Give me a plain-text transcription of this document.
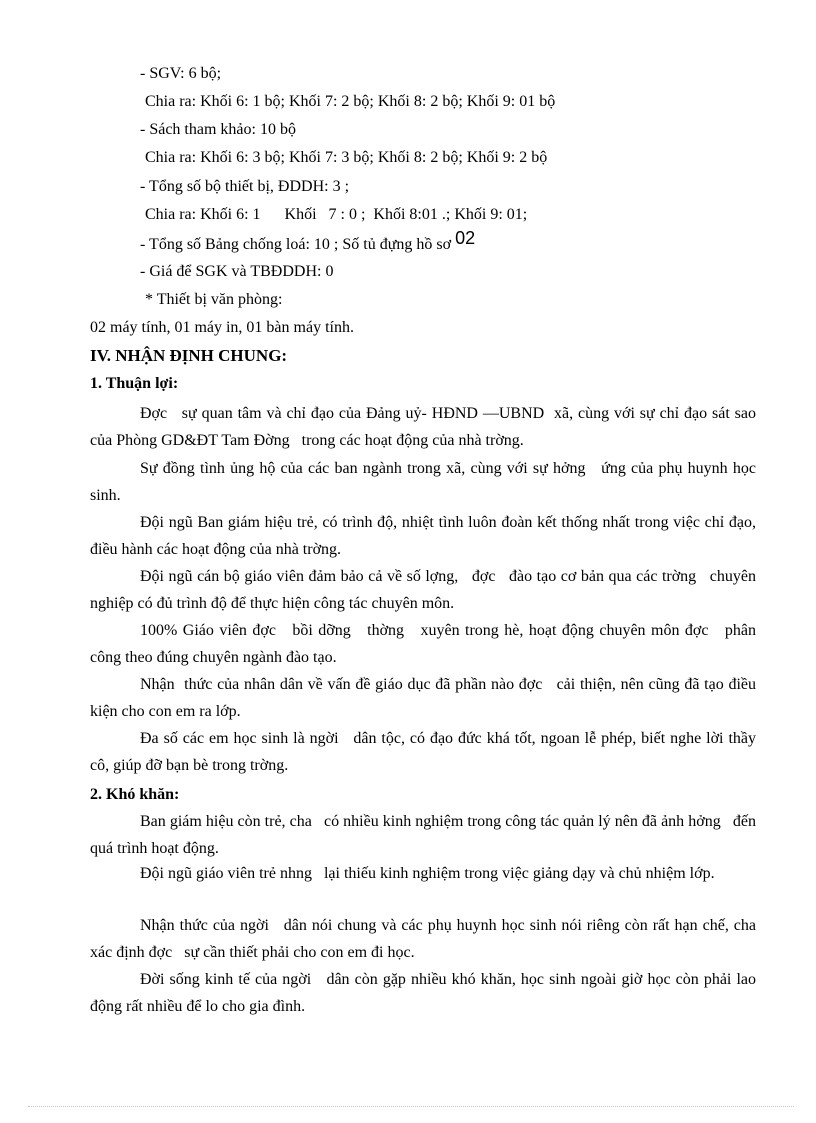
- SGV: 6 bộ;
Chia ra: Khối 6: 1 bộ; Khối 7: 2 bộ; Khối 8: 2 bộ; Khối 9: 01 bộ
- Sách tham khảo: 10 bộ
Chia ra: Khối 6: 3 bộ; Khối 7: 3 bộ; Khối 8: 2 bộ; Khối 9: 2 bộ
- Tổng số bộ thiết bị, ĐDDH: 3 ;
Chia ra: Khối 6: 1      Khối   7 : 0 ;  Khối 8:01 .; Khối 9: 01;
- Tổng số Bảng chống loá: 10 ; Số tủ đựng hồ sơ 02
- Giá để SGK và TBĐDDH: 0
* Thiết bị văn phòng:
02 máy tính, 01 máy in, 01 bàn máy tính.
IV. NHẬN ĐỊNH CHUNG:
1. Thuận lợi:
Đợc   sự quan tâm và chỉ đạo của Đảng uỷ- HĐND —UBND  xã, cùng với sự chỉ đạo sát sao của Phòng GD&ĐT Tam Đờng   trong các hoạt động của nhà trờng.
Sự đồng tình ủng hộ của các ban ngành trong xã, cùng với sự hởng   ứng của phụ huynh học sinh.
Đội ngũ Ban giám hiệu trẻ, có trình độ, nhiệt tình luôn đoàn kết thống nhất trong việc chỉ đạo, điều hành các hoạt động của nhà trờng.
Đội ngũ cán bộ giáo viên đảm bảo cả về số lợng,   đợc   đào tạo cơ bản qua các trờng   chuyên nghiệp có đủ trình độ để thực hiện công tác chuyên môn.
100% Giáo viên đợc   bồi dỡng   thờng   xuyên trong hè, hoạt động chuyên môn đợc   phân công theo đúng chuyên ngành đào tạo.
Nhận  thức của nhân dân về vấn đề giáo dục đã phần nào đợc   cải thiện, nên cũng đã tạo điều kiện cho con em ra lớp.
Đa số các em học sinh là ngời   dân tộc, có đạo đức khá tốt, ngoan lễ phép, biết nghe lời thầy cô, giúp đỡ bạn bè trong trờng.
2. Khó khăn:
Ban giám hiệu còn trẻ, cha   có nhiều kinh nghiệm trong công tác quản lý nên đã ảnh hởng   đến quá trình hoạt động.
Đội ngũ giáo viên trẻ nhng   lại thiếu kinh nghiệm trong việc giảng dạy và chủ nhiệm lớp.
Nhận thức của ngời   dân nói chung và các phụ huynh học sinh nói riêng còn rất hạn chế, cha   xác định đợc   sự cần thiết phải cho con em đi học.
Đời sống kinh tế của ngời   dân còn gặp nhiều khó khăn, học sinh ngoài giờ học còn phải lao động rất nhiều để lo cho gia đình.
